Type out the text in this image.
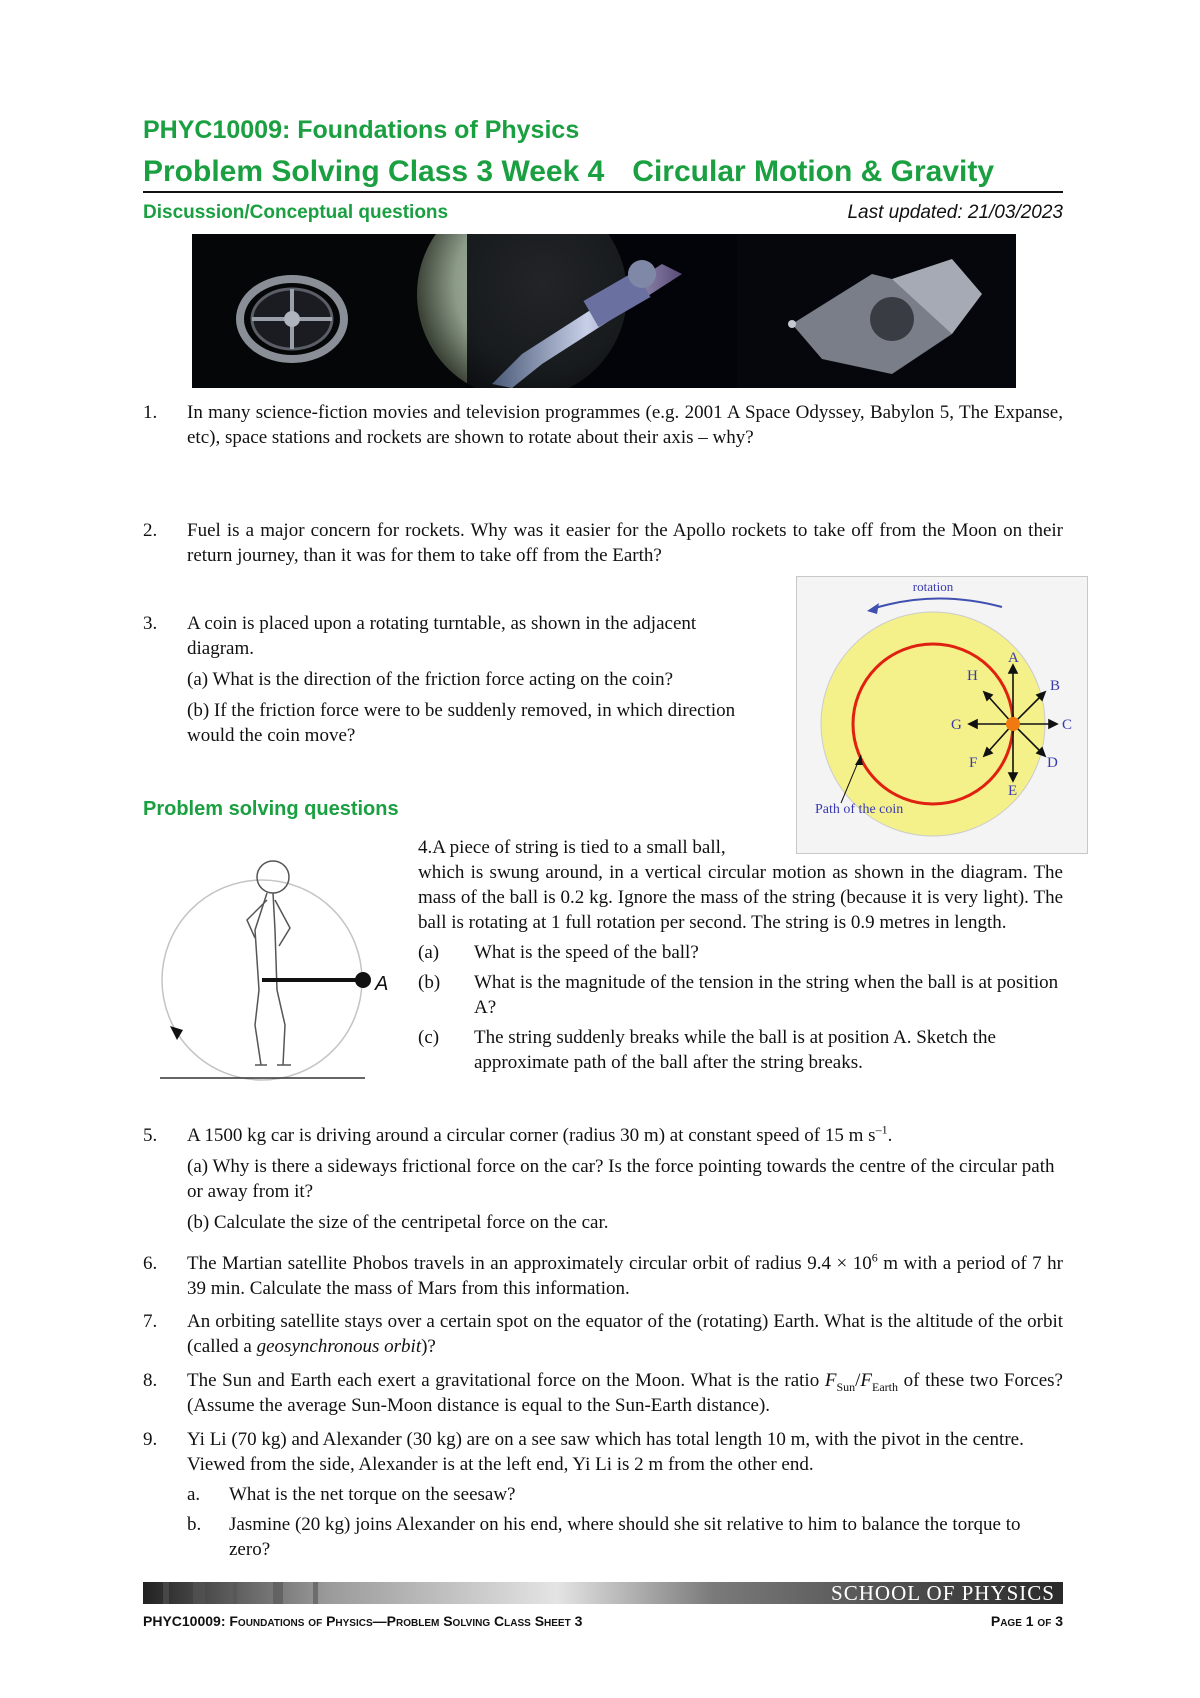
PHYC10009: Foundations of Physics
Problem Solving Class 3 Week 4 Circular Motion & Gravity
Discussion/Conceptual questions	Last updated: 21/03/2023
1. In many science-fiction movies and television programmes (e.g. 2001 A Space Odyssey, Babylon 5, The Expanse, etc), space stations and rockets are shown to rotate about their axis – why?
2. Fuel is a major concern for rockets. Why was it easier for the Apollo rockets to take off from the Moon on their return journey, than it was for them to take off from the Earth?
3. A coin is placed upon a rotating turntable, as shown in the adjacent diagram.
(a) What is the direction of the friction force acting on the coin?
(b) If the friction force were to be suddenly removed, in which direction would the coin move?
rotation
A
B
C
D
E
F
G
H
Path of the coin
Problem solving questions
A
4.A piece of string is tied to a small ball,
which is swung around, in a vertical circular motion as shown in the diagram. The mass of the ball is 0.2 kg. Ignore the mass of the string (because it is very light). The ball is rotating at 1 full rotation per second. The string is 0.9 metres in length.
(a)	What is the speed of the ball?
(b)	What is the magnitude of the tension in the string when the ball is at position A?
(c)	The string suddenly breaks while the ball is at position A. Sketch the approximate path of the ball after the string breaks.
5. A 1500 kg car is driving around a circular corner (radius 30 m) at constant speed of 15 m $s^{-1}$.
(a) Why is there a sideways frictional force on the car? Is the force pointing towards the centre of the circular path or away from it?
(b) Calculate the size of the centripetal force on the car.
6. The Martian satellite Phobos travels in an approximately circular orbit of radius $9.4 \times 10^6$ m with a period of 7 hr 39 min. Calculate the mass of Mars from this information.
7. An orbiting satellite stays over a certain spot on the equator of the (rotating) Earth. What is the altitude of the orbit (called a geosynchronous orbit)?
8. The Sun and Earth each exert a gravitational force on the Moon. What is the ratio $F_{Sun}/F_{Earth}$ of these two Forces? (Assume the average Sun-Moon distance is equal to the Sun-Earth distance).
9. Yi Li (70 kg) and Alexander (30 kg) are on a see saw which has total length 10 m, with the pivot in the centre. Viewed from the side, Alexander is at the left end, Yi Li is 2 m from the other end.
a.	What is the net torque on the seesaw?
b.	Jasmine (20 kg) joins Alexander on his end, where should she sit relative to him to balance the torque to zero?
SCHOOL OF PHYSICS
PHYC10009: Foundations of Physics—Problem Solving Class Sheet 3	Page 1 of 3
